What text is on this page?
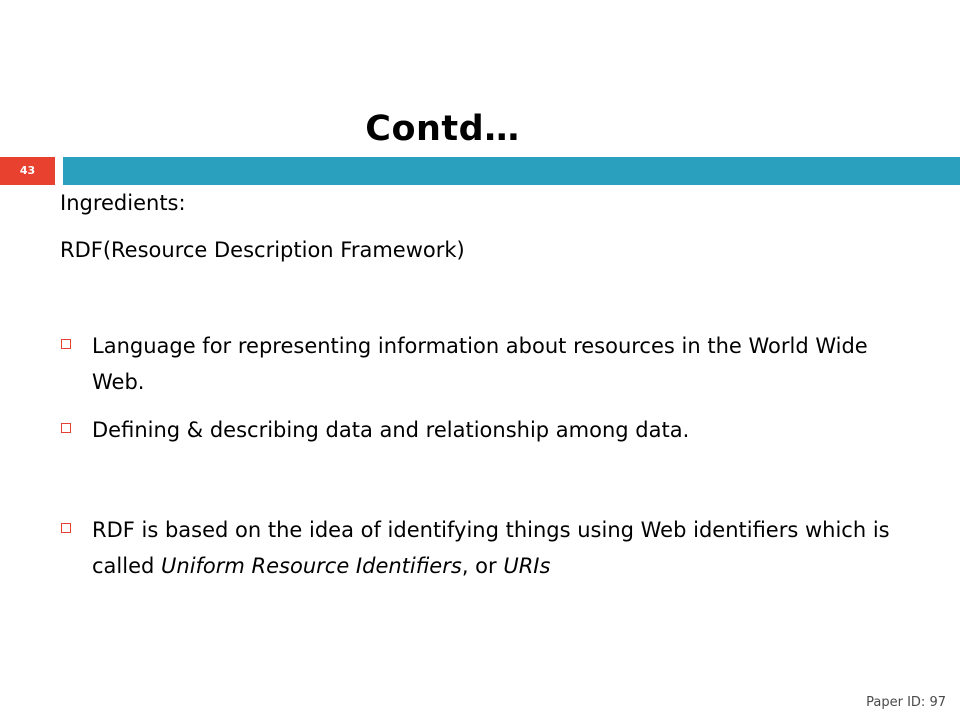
Contd…
43

Ingredients:

RDF(Resource Description Framework)

Language for representing information about resources in the World Wide Web.
Defining & describing data and relationship among data.
RDF is based on the idea of identifying things using Web identifiers which is called Uniform Resource Identifiers, or URIs
Paper ID: 97
